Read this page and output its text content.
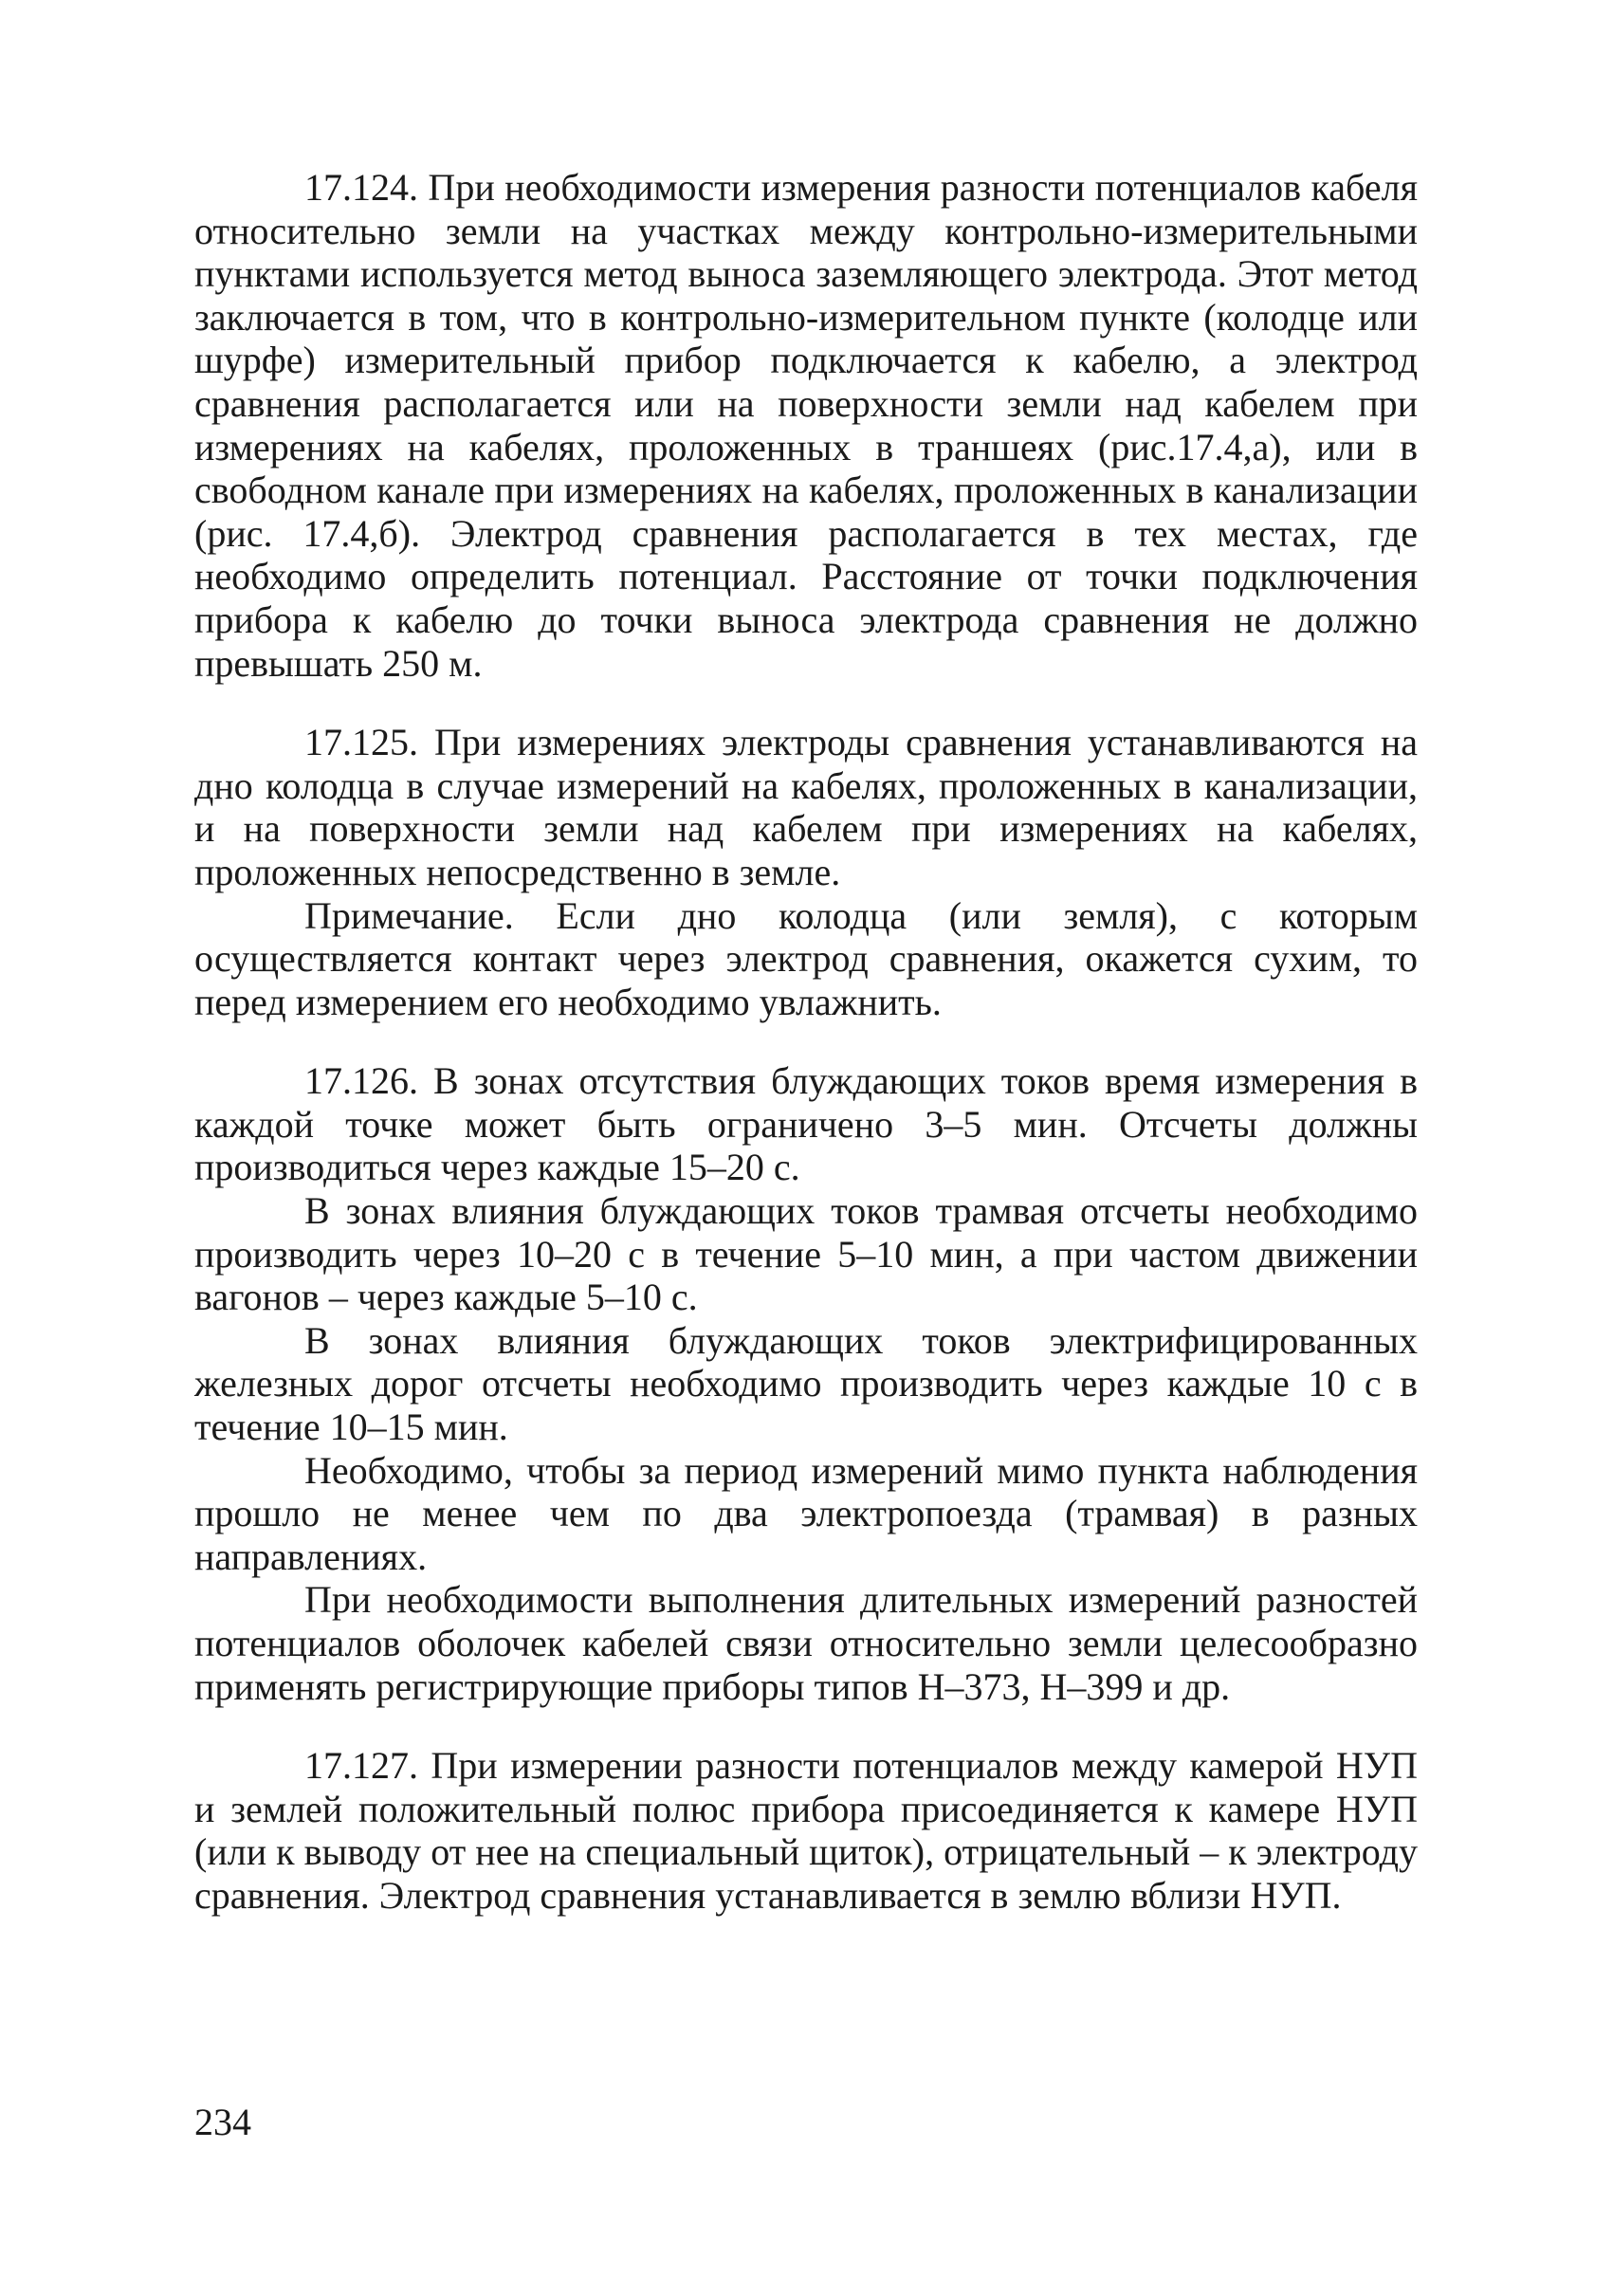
17.124. При необходимости измерения разности потенциалов кабеля относительно земли на участках между контрольно-измерительными пунктами используется метод выноса заземляющего электрода. Этот метод заключается в том, что в контрольно-измерительном пункте (колодце или шурфе) измерительный прибор подключается к кабелю, а электрод сравнения располагается или на поверхности земли над кабелем при измерениях на кабелях, проложенных в траншеях (рис.17.4,а), или в свободном канале при измерениях на кабелях, проложенных в канализации (рис. 17.4,б). Электрод сравнения располагается в тех местах, где необходимо определить потенциал. Расстояние от точки подключения прибора к кабелю до точки выноса электрода сравнения не должно превышать 250 м.

17.125. При измерениях электроды сравнения устанавливаются на дно колодца в случае измерений на кабелях, проложенных в канализации, и на поверхности земли над кабелем при измерениях на кабелях, проложенных непосредственно в земле.

Примечание. Если дно колодца (или земля), с которым осуществляется контакт через электрод сравнения, окажется сухим, то перед измерением его необходимо увлажнить.

17.126. В зонах отсутствия блуждающих токов время измерения в каждой точке может быть ограничено 3–5 мин. Отсчеты должны производиться через каждые 15–20 с.

В зонах влияния блуждающих токов трамвая отсчеты необходимо производить через 10–20 с в течение 5–10 мин, а при частом движении вагонов – через каждые 5–10 с.

В зонах влияния блуждающих токов электрифицированных железных дорог отсчеты необходимо производить через каждые 10 с в течение 10–15 мин.

Необходимо, чтобы за период измерений мимо пункта наблюдения прошло не менее чем по два электропоезда (трамвая) в разных направлениях.

При необходимости выполнения длительных измерений разностей потенциалов оболочек кабелей связи относительно земли целесообразно применять регистрирующие приборы типов Н–373, Н–399 и др.

17.127. При измерении разности потенциалов между камерой НУП и землей положительный полюс прибора присоединяется к камере НУП (или к выводу от нее на специальный щиток), отрицательный – к электроду сравнения. Электрод сравнения устанавливается в землю вблизи НУП.

234
